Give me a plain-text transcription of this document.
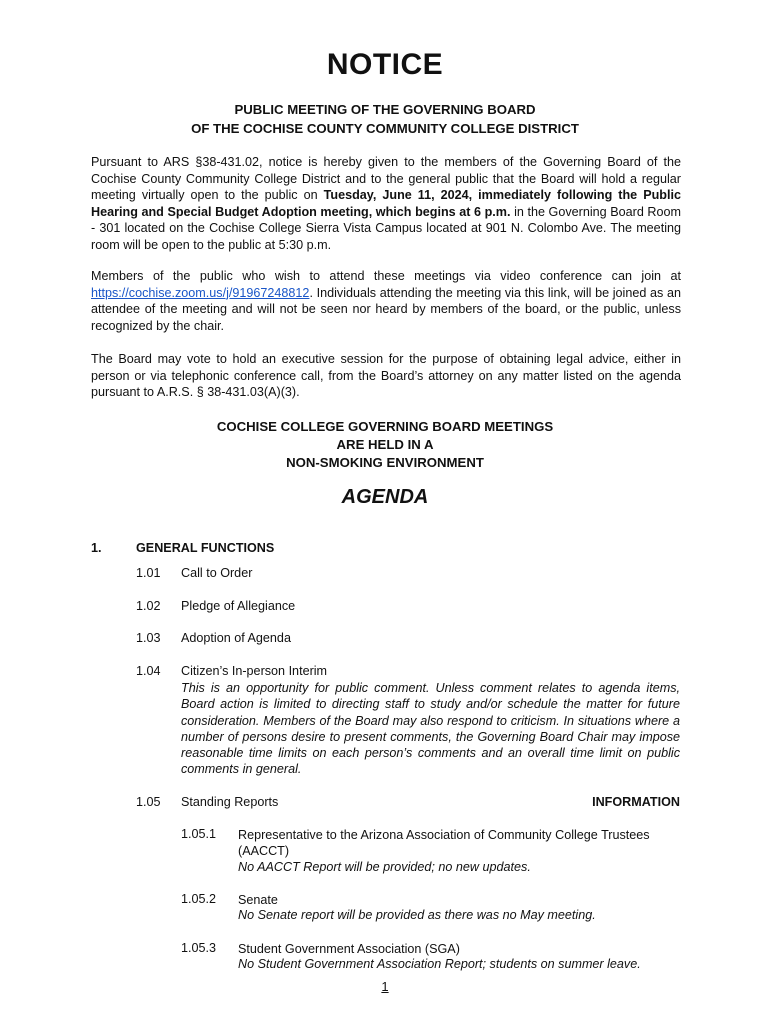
NOTICE
PUBLIC MEETING OF THE GOVERNING BOARD
OF THE COCHISE COUNTY COMMUNITY COLLEGE DISTRICT
Pursuant to ARS §38-431.02, notice is hereby given to the members of the Governing Board of the Cochise County Community College District and to the general public that the Board will hold a regular meeting virtually open to the public on Tuesday, June 11, 2024, immediately following the Public Hearing and Special Budget Adoption meeting, which begins at 6 p.m. in the Governing Board Room - 301 located on the Cochise College Sierra Vista Campus located at 901 N. Colombo Ave. The meeting room will be open to the public at 5:30 p.m.
Members of the public who wish to attend these meetings via video conference can join at https://cochise.zoom.us/j/91967248812. Individuals attending the meeting via this link, will be joined as an attendee of the meeting and will not be seen nor heard by members of the board, or the public, unless recognized by the chair.
The Board may vote to hold an executive session for the purpose of obtaining legal advice, either in person or via telephonic conference call, from the Board’s attorney on any matter listed on the agenda pursuant to A.R.S. § 38-431.03(A)(3).
COCHISE COLLEGE GOVERNING BOARD MEETINGS
ARE HELD IN A
NON-SMOKING ENVIRONMENT
AGENDA
1.	GENERAL FUNCTIONS
1.01 Call to Order
1.02 Pledge of Allegiance
1.03 Adoption of Agenda
1.04 Citizen’s In-person Interim
This is an opportunity for public comment. Unless comment relates to agenda items, Board action is limited to directing staff to study and/or schedule the matter for future consideration. Members of the Board may also respond to criticism. In situations where a number of persons desire to present comments, the Governing Board Chair may impose reasonable time limits on each person’s comments and an overall time limit on public comments in general.
1.05 Standing Reports	INFORMATION
1.05.1 Representative to the Arizona Association of Community College Trustees (AACCT)
No AACCT Report will be provided; no new updates.
1.05.2 Senate
No Senate report will be provided as there was no May meeting.
1.05.3 Student Government Association (SGA)
No Student Government Association Report; students on summer leave.
1
